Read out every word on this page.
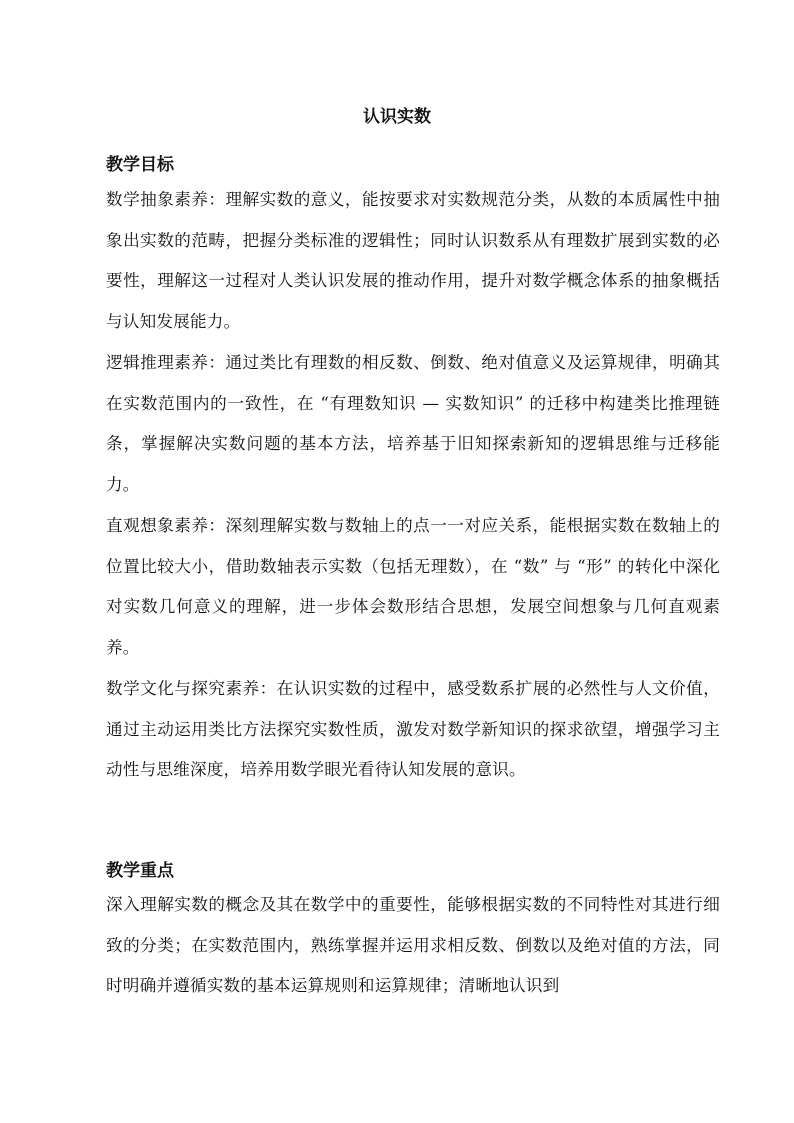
认识实数
教学目标
数学抽象素养：理解实数的意义，能按要求对实数规范分类，从数的本质属性中抽象出实数的范畴，把握分类标准的逻辑性；同时认识数系从有理数扩展到实数的必要性，理解这一过程对人类认识发展的推动作用，提升对数学概念体系的抽象概括与认知发展能力。
逻辑推理素养：通过类比有理数的相反数、倒数、绝对值意义及运算规律，明确其在实数范围内的一致性，在 “有理数知识 — 实数知识” 的迁移中构建类比推理链条，掌握解决实数问题的基本方法，培养基于旧知探索新知的逻辑思维与迁移能力。
直观想象素养：深刻理解实数与数轴上的点一一对应关系，能根据实数在数轴上的位置比较大小，借助数轴表示实数（包括无理数），在 “数” 与 “形” 的转化中深化对实数几何意义的理解，进一步体会数形结合思想，发展空间想象与几何直观素养。
数学文化与探究素养：在认识实数的过程中，感受数系扩展的必然性与人文价值，通过主动运用类比方法探究实数性质，激发对数学新知识的探求欲望，增强学习主动性与思维深度，培养用数学眼光看待认知发展的意识。
教学重点
深入理解实数的概念及其在数学中的重要性，能够根据实数的不同特性对其进行细致的分类；在实数范围内，熟练掌握并运用求相反数、倒数以及绝对值的方法，同时明确并遵循实数的基本运算规则和运算规律；清晰地认识到
